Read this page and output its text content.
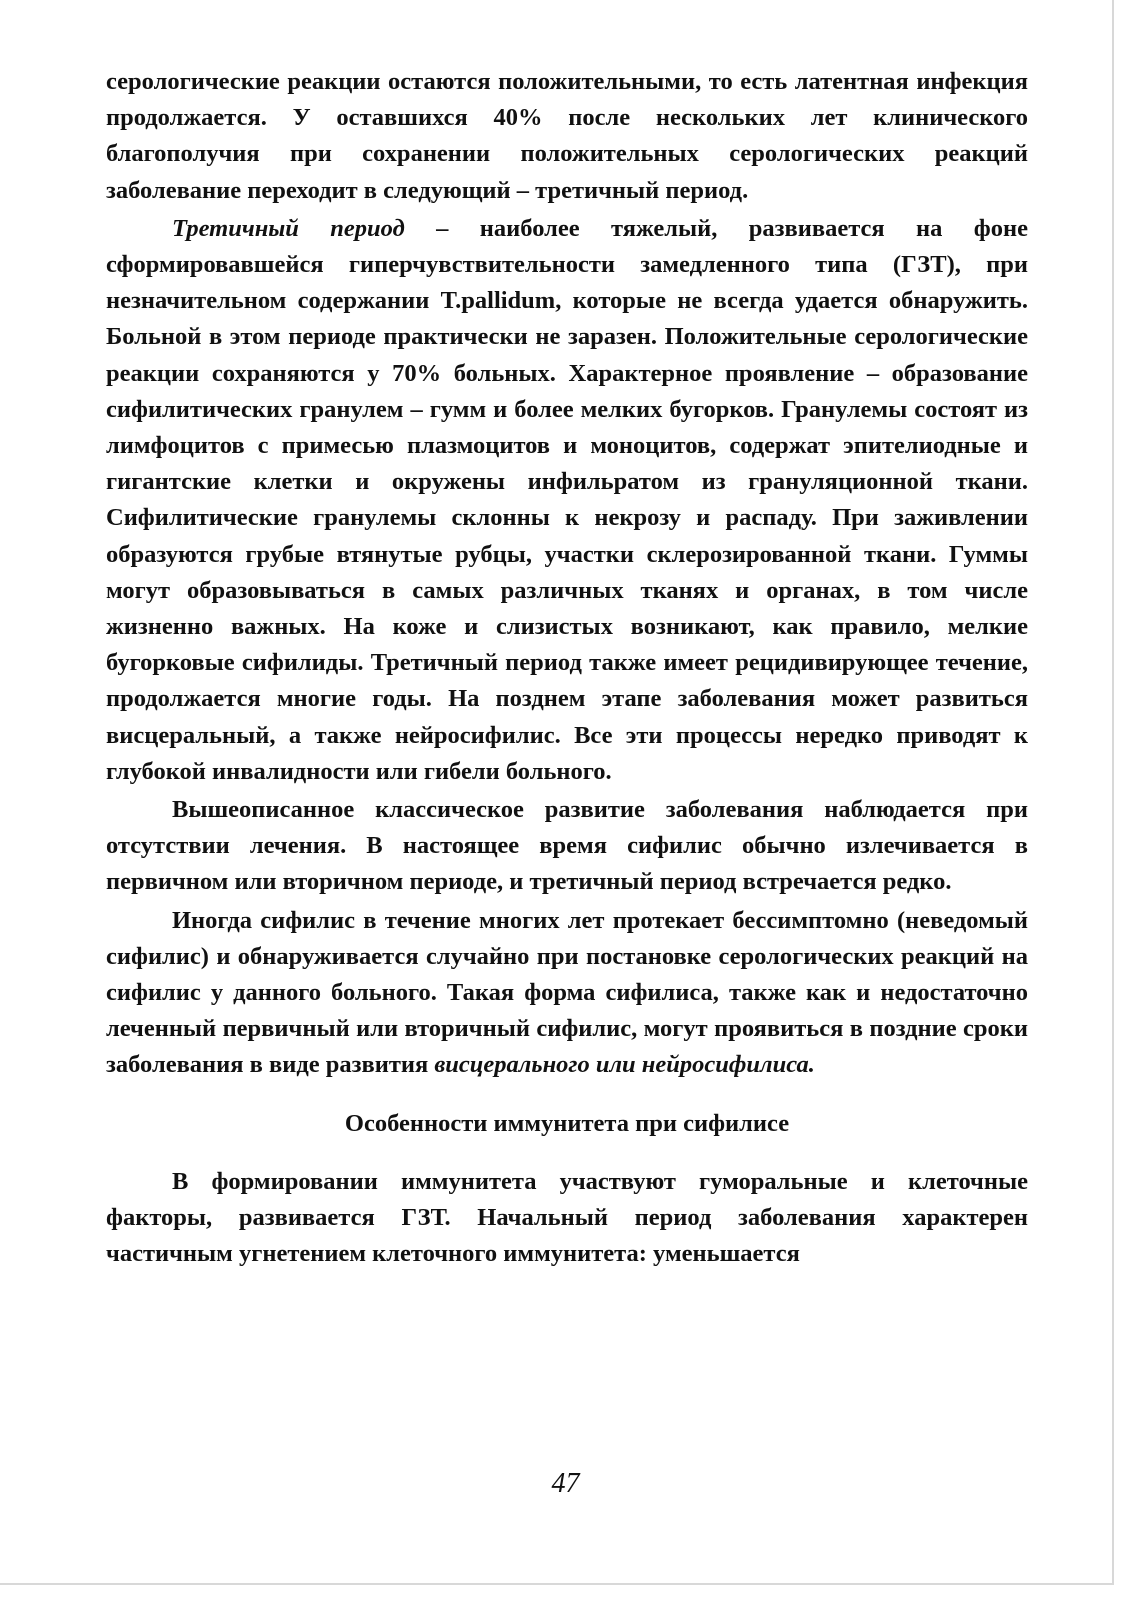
серологические реакции остаются положительными, то есть латентная инфекция продолжается. У оставшихся 40% после нескольких лет клинического благополучия при сохранении положительных серологических реакций заболевание переходит в следующий – третичный период.

Третичный период – наиболее тяжелый, развивается на фоне сформировавшейся гиперчувствительности замедленного типа (ГЗТ), при незначительном содержании T.pallidum, которые не всегда удается обнаружить. Больной в этом периоде практически не заразен. Положительные серологические реакции сохраняются у 70% больных. Характерное проявление – образование сифилитических гранулем – гумм и более мелких бугорков. Гранулемы состоят из лимфоцитов с примесью плазмоцитов и моноцитов, содержат эпителиодные и гигантские клетки и окружены инфильратом из грануляционной ткани. Сифилитические гранулемы склонны к некрозу и распаду. При заживлении образуются грубые втянутые рубцы, участки склерозированной ткани. Гуммы могут образовываться в самых различных тканях и органах, в том числе жизненно важных. На коже и слизистых возникают, как правило, мелкие бугорковые сифилиды. Третичный период также имеет рецидивирующее течение, продолжается многие годы. На позднем этапе заболевания может развиться висцеральный, а также нейросифилис. Все эти процессы нередко приводят к глубокой инвалидности или гибели больного.

Вышеописанное классическое развитие заболевания наблюдается при отсутствии лечения. В настоящее время сифилис обычно излечивается в первичном или вторичном периоде, и третичный период встречается редко.

Иногда сифилис в течение многих лет протекает бессимптомно (неведомый сифилис) и обнаруживается случайно при постановке серологических реакций на сифилис у данного больного. Такая форма сифилиса, также как и недостаточно леченный первичный или вторичный сифилис, могут проявиться в поздние сроки заболевания в виде развития висцерального или нейросифилиса.

Особенности иммунитета при сифилисе

В формировании иммунитета участвуют гуморальные и клеточные факторы, развивается ГЗТ. Начальный период заболевания характерен частичным угнетением клеточного иммунитета: уменьшается

47
